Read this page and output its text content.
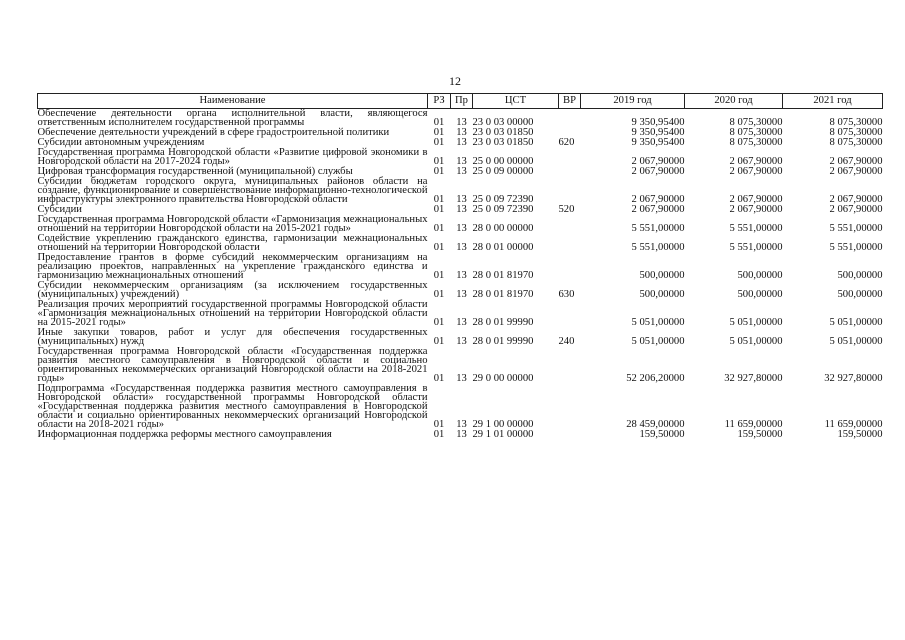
12
Наименование	РЗ	Пр	ЦСТ	ВР	2019 год	2020 год	2021 год
Обеспечение деятельности органа исполнительной власти, являющегося ответственным исполнителем государственной программы	01	13	23 0 03 00000		9 350,95400	8 075,30000	8 075,30000
Обеспечение деятельности учреждений в сфере градостроительной политики	01	13	23 0 03 01850		9 350,95400	8 075,30000	8 075,30000
Субсидии автономным учреждениям	01	13	23 0 03 01850	620	9 350,95400	8 075,30000	8 075,30000
Государственная программа Новгородской области «Развитие цифровой экономики в Новгородской области на 2017-2024 годы»	01	13	25 0 00 00000		2 067,90000	2 067,90000	2 067,90000
Цифровая трансформация государственной (муниципальной) службы	01	13	25 0 09 00000		2 067,90000	2 067,90000	2 067,90000
Субсидии бюджетам городского округа, муниципальных районов области на создание, функционирование и совершенствование информационно-технологической инфраструктуры электронного правительства Новгородской области	01	13	25 0 09 72390		2 067,90000	2 067,90000	2 067,90000
Субсидии	01	13	25 0 09 72390	520	2 067,90000	2 067,90000	2 067,90000
Государственная программа Новгородской области «Гармонизация межнациональных отношений на территории Новгородской области на 2015-2021 годы»	01	13	28 0 00 00000		5 551,00000	5 551,00000	5 551,00000
Содействие укреплению гражданского единства, гармонизации межнациональных отношений на территории Новгородской области	01	13	28 0 01 00000		5 551,00000	5 551,00000	5 551,00000
Предоставление грантов в форме субсидий некоммерческим организациям на реализацию проектов, направленных на укрепление гражданского единства и гармонизацию межнациональных отношений	01	13	28 0 01 81970		500,00000	500,00000	500,00000
Субсидии некоммерческим организациям (за исключением государственных (муниципальных) учреждений)	01	13	28 0 01 81970	630	500,00000	500,00000	500,00000
Реализация прочих мероприятий государственной программы Новгородской области «Гармонизация межнациональных отношений на территории Новгородской области на 2015-2021 годы»	01	13	28 0 01 99990		5 051,00000	5 051,00000	5 051,00000
Иные закупки товаров, работ и услуг для обеспечения государственных (муниципальных) нужд	01	13	28 0 01 99990	240	5 051,00000	5 051,00000	5 051,00000
Государственная программа Новгородской области «Государственная поддержка развития местного самоуправления в Новгородской области и социально ориентированных некоммерческих организаций Новгородской области на 2018-2021 годы»	01	13	29 0 00 00000		52 206,20000	32 927,80000	32 927,80000
Подпрограмма «Государственная поддержка развития местного самоуправления в Новгородской области» государственной программы Новгородской области «Государственная поддержка развития местного самоуправления в Новгородской области и социально ориентированных некоммерческих организаций Новгородской области на 2018-2021 годы»	01	13	29 1 00 00000		28 459,00000	11 659,00000	11 659,00000
Информационная поддержка реформы местного самоуправления	01	13	29 1 01 00000		159,50000	159,50000	159,50000
